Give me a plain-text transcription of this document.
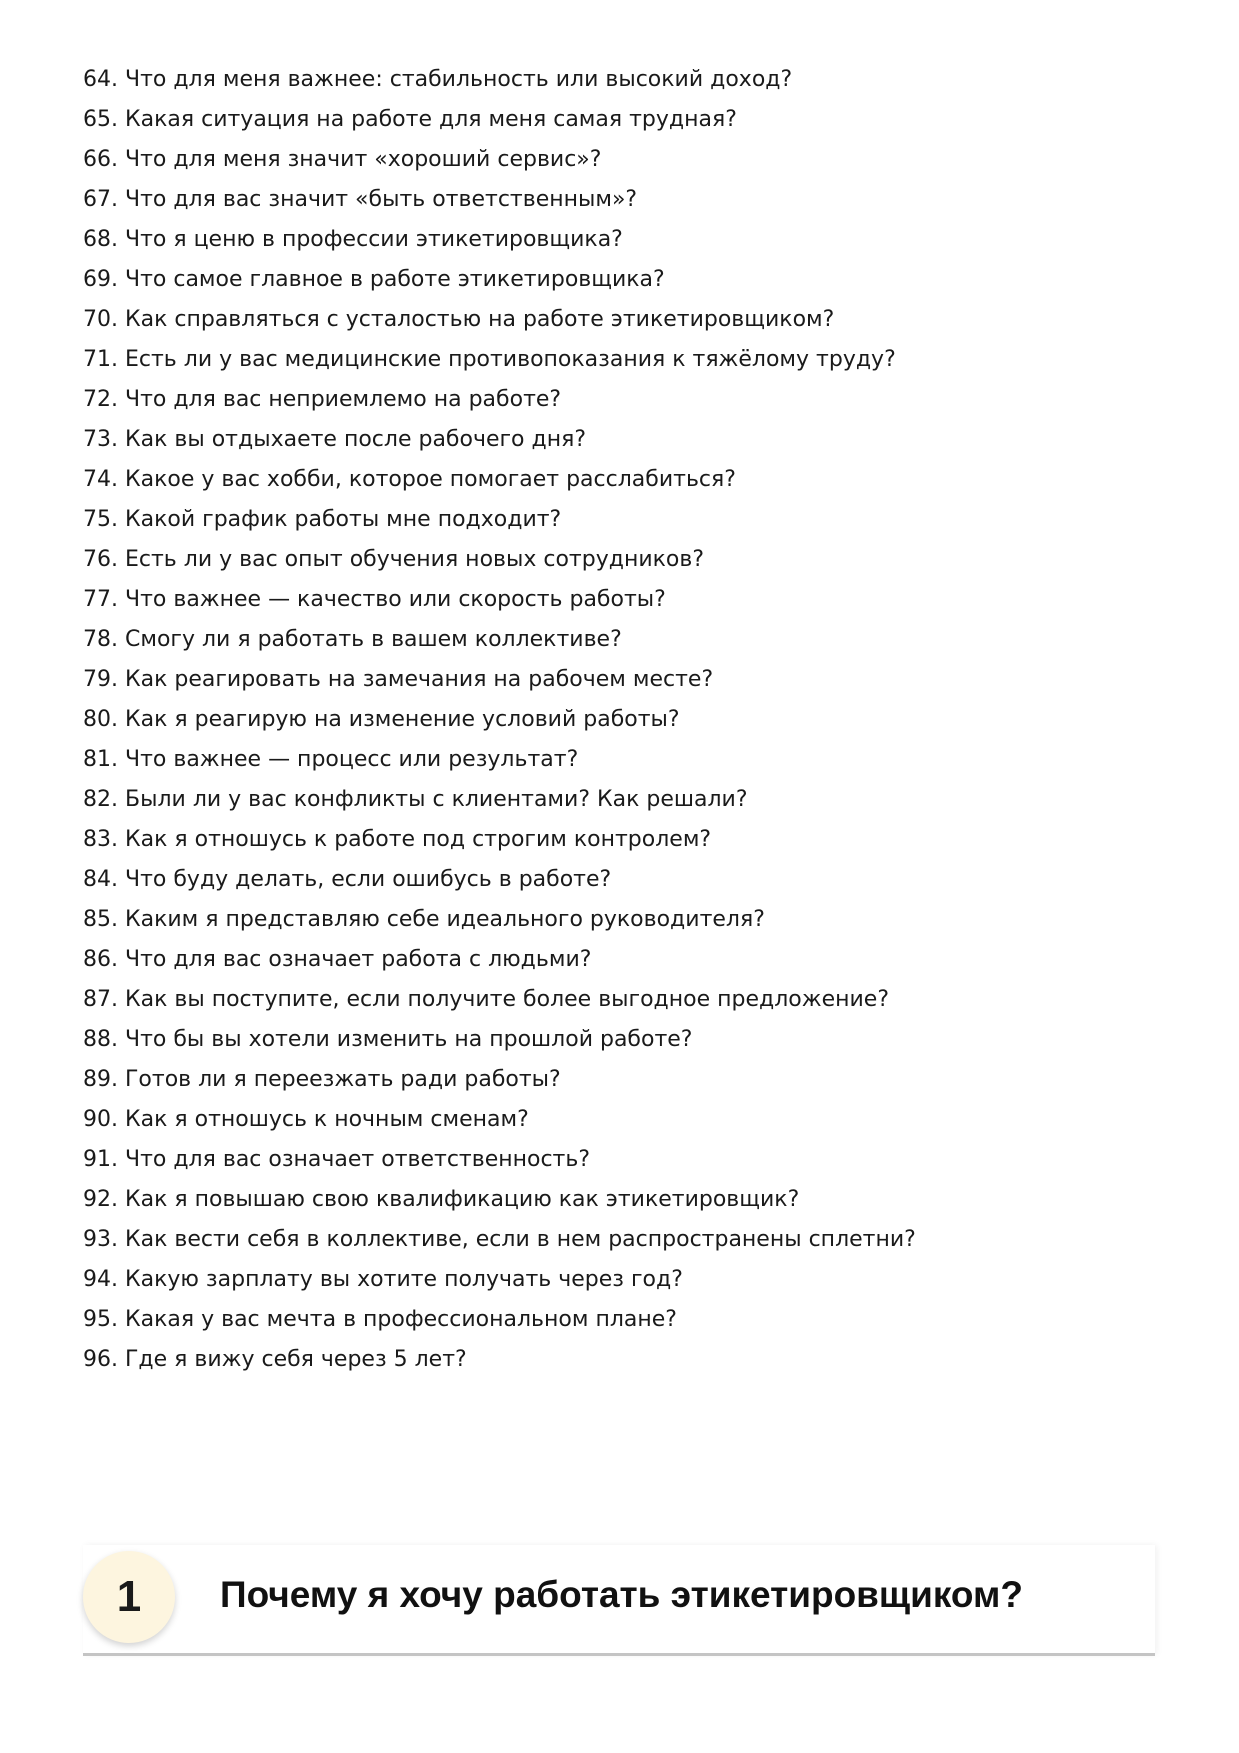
64. Что для меня важнее: стабильность или высокий доход?
65. Какая ситуация на работе для меня самая трудная?
66. Что для меня значит «хороший сервис»?
67. Что для вас значит «быть ответственным»?
68. Что я ценю в профессии этикетировщика?
69. Что самое главное в работе этикетировщика?
70. Как справляться с усталостью на работе этикетировщиком?
71. Есть ли у вас медицинские противопоказания к тяжёлому труду?
72. Что для вас неприемлемо на работе?
73. Как вы отдыхаете после рабочего дня?
74. Какое у вас хобби, которое помогает расслабиться?
75. Какой график работы мне подходит?
76. Есть ли у вас опыт обучения новых сотрудников?
77. Что важнее — качество или скорость работы?
78. Смогу ли я работать в вашем коллективе?
79. Как реагировать на замечания на рабочем месте?
80. Как я реагирую на изменение условий работы?
81. Что важнее — процесс или результат?
82. Были ли у вас конфликты с клиентами? Как решали?
83. Как я отношусь к работе под строгим контролем?
84. Что буду делать, если ошибусь в работе?
85. Каким я представляю себе идеального руководителя?
86. Что для вас означает работа с людьми?
87. Как вы поступите, если получите более выгодное предложение?
88. Что бы вы хотели изменить на прошлой работе?
89. Готов ли я переезжать ради работы?
90. Как я отношусь к ночным сменам?
91. Что для вас означает ответственность?
92. Как я повышаю свою квалификацию как этикетировщик?
93. Как вести себя в коллективе, если в нем распространены сплетни?
94. Какую зарплату вы хотите получать через год?
95. Какая у вас мечта в профессиональном плане?
96. Где я вижу себя через 5 лет?
1	Почему я хочу работать этикетировщиком?
